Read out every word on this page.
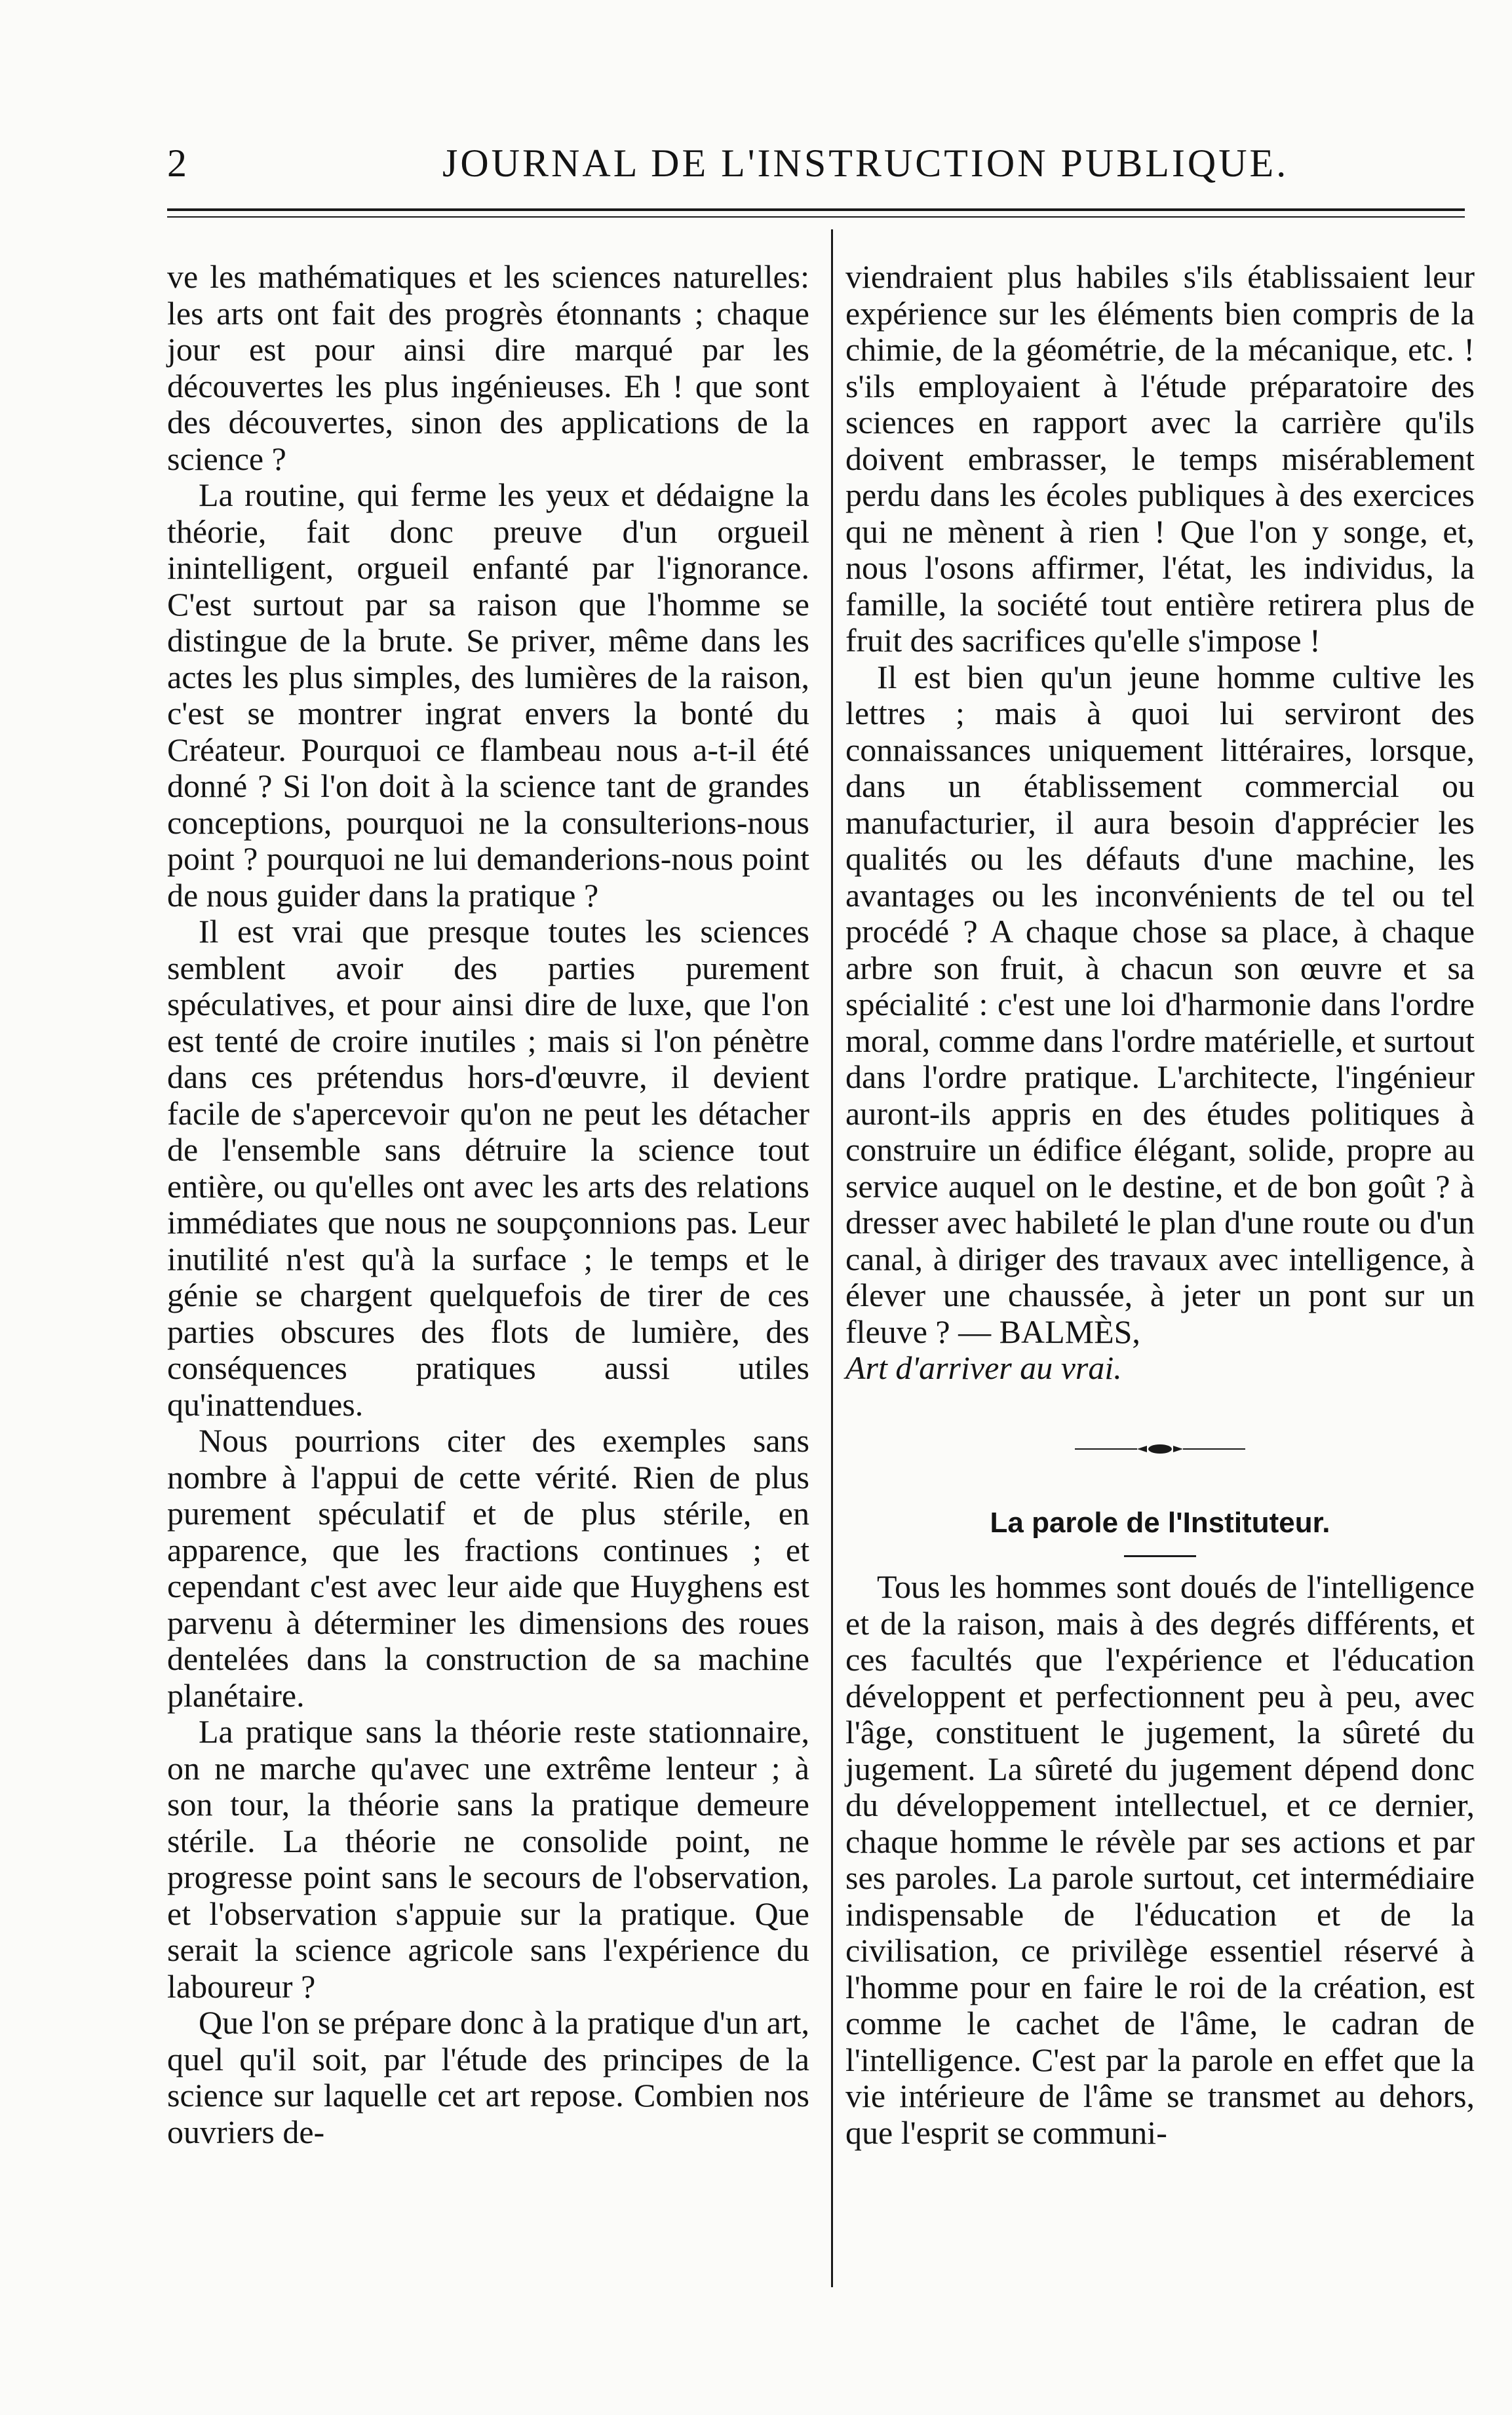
2	JOURNAL DE L'INSTRUCTION PUBLIQUE.

ve les mathématiques et les sciences naturelles: les arts ont fait des progrès étonnants ; chaque jour est pour ainsi dire marqué par les découvertes les plus ingénieuses. Eh ! que sont des découvertes, sinon des applications de la science ?

La routine, qui ferme les yeux et dédaigne la théorie, fait donc preuve d'un orgueil inintelligent, orgueil enfanté par l'ignorance. C'est surtout par sa raison que l'homme se distingue de la brute. Se priver, même dans les actes les plus simples, des lumières de la raison, c'est se montrer ingrat envers la bonté du Créateur. Pourquoi ce flambeau nous a-t-il été donné ? Si l'on doit à la science tant de grandes conceptions, pourquoi ne la consulterions-nous point ? pourquoi ne lui demanderions-nous point de nous guider dans la pratique ?

Il est vrai que presque toutes les sciences semblent avoir des parties purement spéculatives, et pour ainsi dire de luxe, que l'on est tenté de croire inutiles ; mais si l'on pénètre dans ces prétendus hors-d'œuvre, il devient facile de s'apercevoir qu'on ne peut les détacher de l'ensemble sans détruire la science tout entière, ou qu'elles ont avec les arts des relations immédiates que nous ne soupçonnions pas. Leur inutilité n'est qu'à la surface ; le temps et le génie se chargent quelquefois de tirer de ces parties obscures des flots de lumière, des conséquences pratiques aussi utiles qu'inattendues.

Nous pourrions citer des exemples sans nombre à l'appui de cette vérité. Rien de plus purement spéculatif et de plus stérile, en apparence, que les fractions continues ; et cependant c'est avec leur aide que Huyghens est parvenu à déterminer les dimensions des roues dentelées dans la construction de sa machine planétaire.

La pratique sans la théorie reste stationnaire, on ne marche qu'avec une extrême lenteur ; à son tour, la théorie sans la pratique demeure stérile. La théorie ne consolide point, ne progresse point sans le secours de l'observation, et l'observation s'appuie sur la pratique. Que serait la science agricole sans l'expérience du laboureur ?

Que l'on se prépare donc à la pratique d'un art, quel qu'il soit, par l'étude des principes de la science sur laquelle cet art repose. Combien nos ouvriers de-

viendraient plus habiles s'ils établissaient leur expérience sur les éléments bien compris de la chimie, de la géométrie, de la mécanique, etc. ! s'ils employaient à l'étude préparatoire des sciences en rapport avec la carrière qu'ils doivent embrasser, le temps misérablement perdu dans les écoles publiques à des exercices qui ne mènent à rien ! Que l'on y songe, et, nous l'osons affirmer, l'état, les individus, la famille, la société tout entière retirera plus de fruit des sacrifices qu'elle s'impose !

Il est bien qu'un jeune homme cultive les lettres ; mais à quoi lui serviront des connaissances uniquement littéraires, lorsque, dans un établissement commercial ou manufacturier, il aura besoin d'apprécier les qualités ou les défauts d'une machine, les avantages ou les inconvénients de tel ou tel procédé ? A chaque chose sa place, à chaque arbre son fruit, à chacun son œuvre et sa spécialité : c'est une loi d'harmonie dans l'ordre moral, comme dans l'ordre matérielle, et surtout dans l'ordre pratique. L'architecte, l'ingénieur auront-ils appris en des études politiques à construire un édifice élégant, solide, propre au service auquel on le destine, et de bon goût ? à dresser avec habileté le plan d'une route ou d'un canal, à diriger des travaux avec intelligence, à élever une chaussée, à jeter un pont sur un fleuve ? — BALMÈS,

Art d'arriver au vrai.

La parole de l'Instituteur.

Tous les hommes sont doués de l'intelligence et de la raison, mais à des degrés différents, et ces facultés que l'expérience et l'éducation développent et perfectionnent peu à peu, avec l'âge, constituent le jugement, la sûreté du jugement. La sûreté du jugement dépend donc du développement intellectuel, et ce dernier, chaque homme le révèle par ses actions et par ses paroles. La parole surtout, cet intermédiaire indispensable de l'éducation et de la civilisation, ce privilège essentiel réservé à l'homme pour en faire le roi de la création, est comme le cachet de l'âme, le cadran de l'intelligence. C'est par la parole en effet que la vie intérieure de l'âme se transmet au dehors, que l'esprit se communi-
